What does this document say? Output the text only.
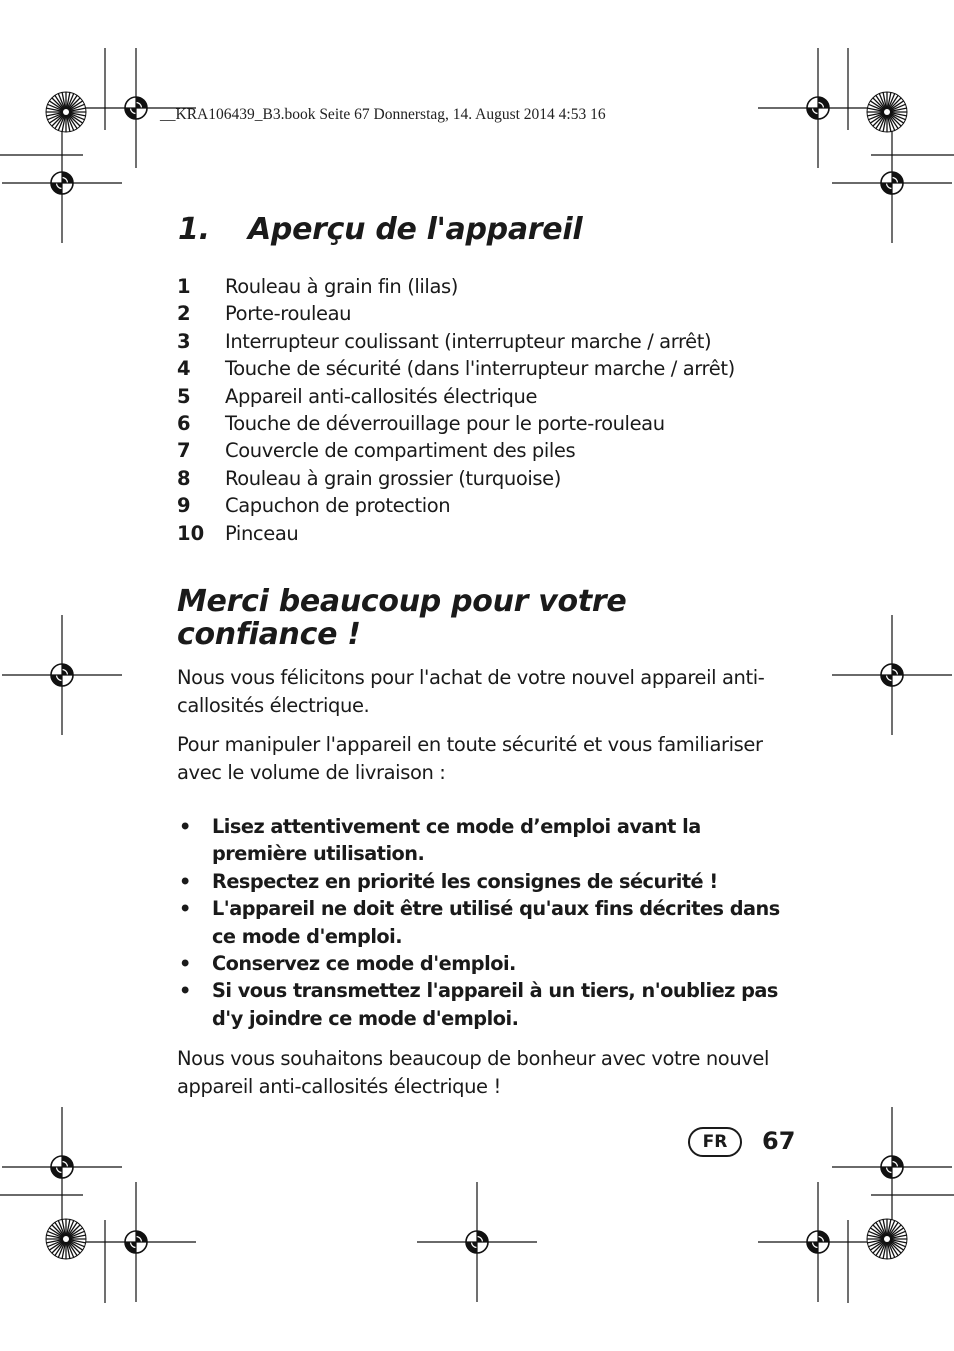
__KRA106439_B3.book Seite 67 Donnerstag, 14. August 2014 4:53 16
1. Aperçu de l'appareil
1 Rouleau à grain fin (lilas)
2 Porte-rouleau
3 Interrupteur coulissant (interrupteur marche / arrêt)
4 Touche de sécurité (dans l'interrupteur marche / arrêt)
5 Appareil anti-callosités électrique
6 Touche de déverrouillage pour le porte-rouleau
7 Couvercle de compartiment des piles
8 Rouleau à grain grossier (turquoise)
9 Capuchon de protection
10 Pinceau
Merci beaucoup pour votre
confiance !

Nous vous félicitons pour l'achat de votre nouvel appareil anti-callosités électrique.

Pour manipuler l'appareil en toute sécurité et vous familiariser avec le volume de livraison :

• Lisez attentivement ce mode d’emploi avant la première utilisation.
• Respectez en priorité les consignes de sécurité !
• L'appareil ne doit être utilisé qu'aux fins décrites dans ce mode d'emploi.
• Conservez ce mode d'emploi.
• Si vous transmettez l'appareil à un tiers, n'oubliez pas d'y joindre ce mode d'emploi.

Nous vous souhaitons beaucoup de bonheur avec votre nouvel appareil anti-callosités électrique !

FR	67
